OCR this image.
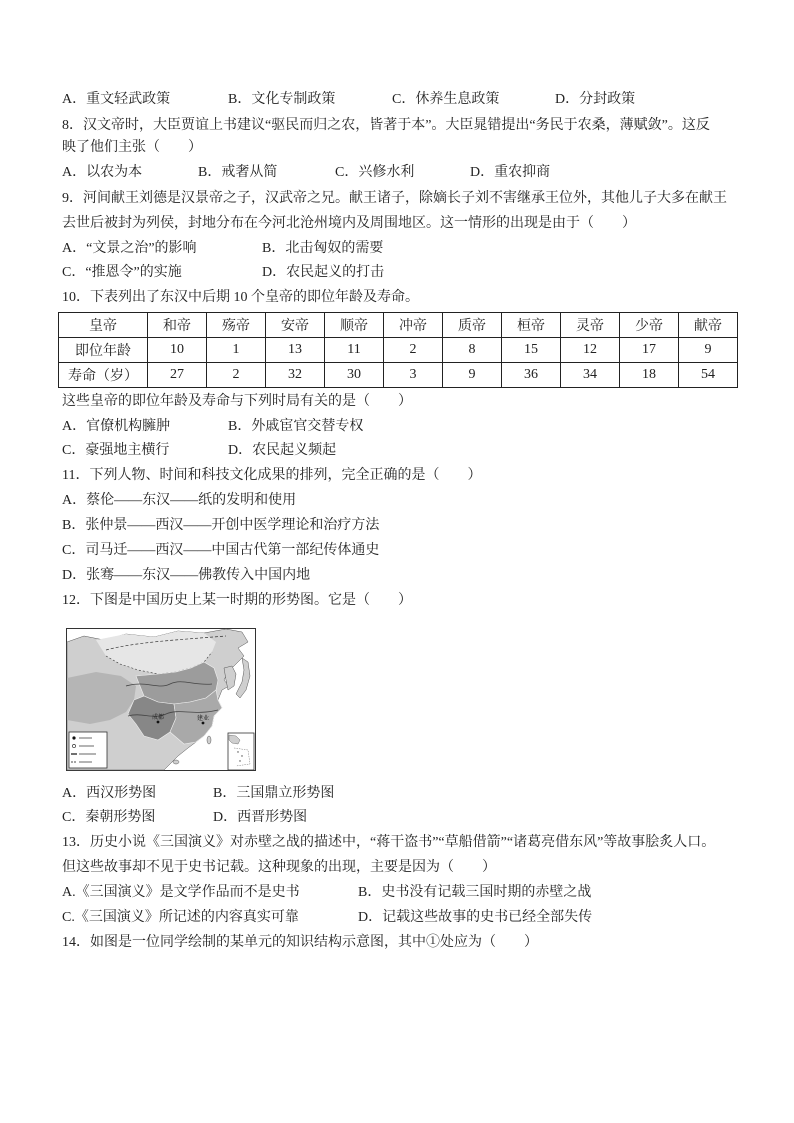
A．重文轻武政策	B．文化专制政策	C．休养生息政策	D．分封政策
8．汉文帝时，大臣贾谊上书建议“驱民而归之农，皆著于本”。大臣晁错提出“务民于农桑，薄赋敛”。这反
映了他们主张（　　）
A．以农为本	B．戒奢从简	C．兴修水利	D．重农抑商
9．河间献王刘德是汉景帝之子，汉武帝之兄。献王诸子，除嫡长子刘不害继承王位外，其他儿子大多在献王
去世后被封为列侯，封地分布在今河北沧州境内及周围地区。这一情形的出现是由于（　　）
A．“文景之治”的影响	B．北击匈奴的需要
C．“推恩令”的实施	D．农民起义的打击
10．下表列出了东汉中后期 10 个皇帝的即位年龄及寿命。
皇帝	和帝	殇帝	安帝	顺帝	冲帝	质帝	桓帝	灵帝	少帝	献帝
即位年龄	10	1	13	11	2	8	15	12	17	9
寿命（岁）	27	2	32	30	3	9	36	34	18	54
这些皇帝的即位年龄及寿命与下列时局有关的是（　　）
A．官僚机构臃肿	B．外戚宦官交替专权
C．豪强地主横行	D．农民起义频起
11．下列人物、时间和科技文化成果的排列，完全正确的是（　　）
A．蔡伦——东汉——纸的发明和使用
B．张仲景——西汉——开创中医学理论和治疗方法
C．司马迁——西汉——中国古代第一部纪传体通史
D．张骞——东汉——佛教传入中国内地
12．下图是中国历史上某一时期的形势图。它是（　　）
成都	建业
A．西汉形势图	B．三国鼎立形势图
C．秦朝形势图	D．西晋形势图
13．历史小说《三国演义》对赤壁之战的描述中，“蒋干盗书”“草船借箭”“诸葛亮借东风”等故事脍炙人口。
但这些故事却不见于史书记载。这种现象的出现，主要是因为（　　）
A.《三国演义》是文学作品而不是史书	B．史书没有记载三国时期的赤壁之战
C.《三国演义》所记述的内容真实可靠	D．记载这些故事的史书已经全部失传
14．如图是一位同学绘制的某单元的知识结构示意图，其中①处应为（　　）
